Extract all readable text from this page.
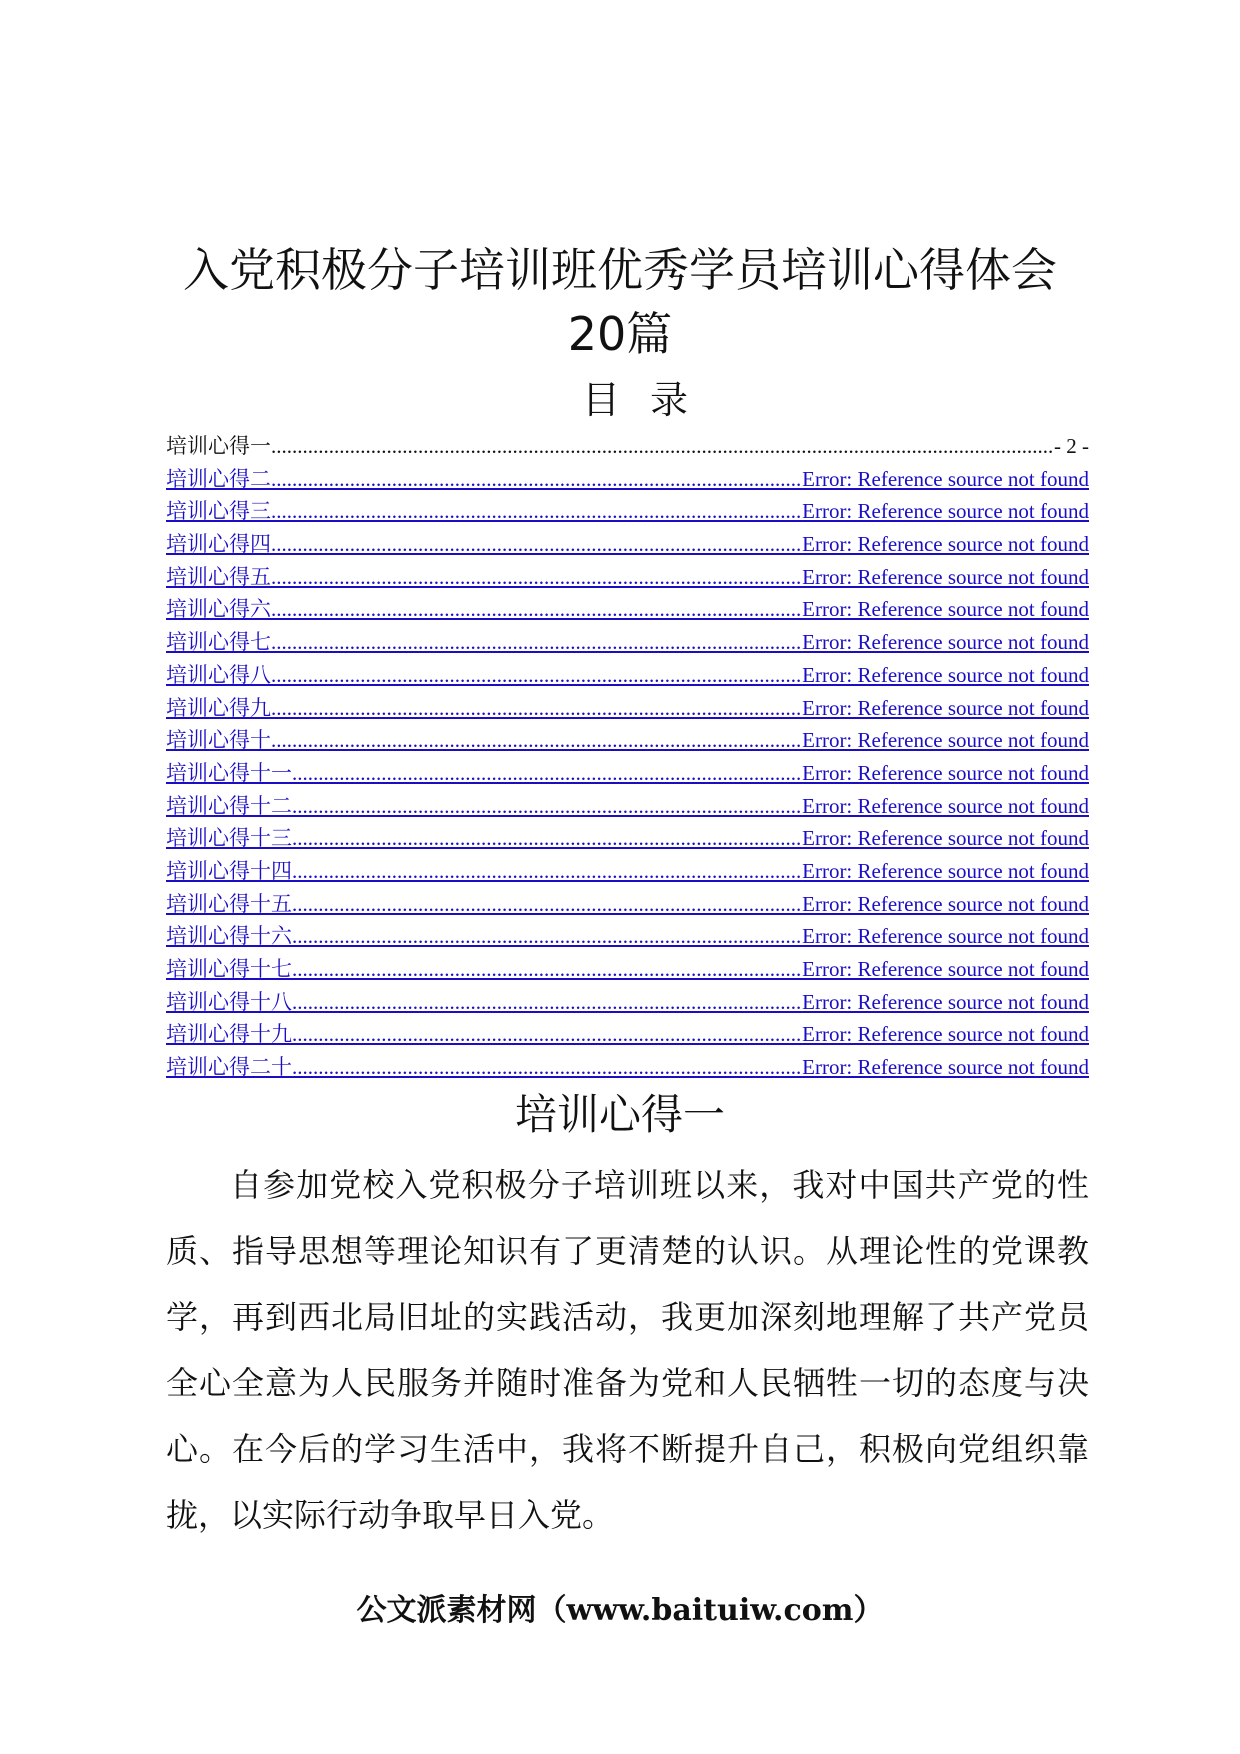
入党积极分子培训班优秀学员培训心得体会
20篇
目录
培训心得一 .....	- 2 -
培训心得二 .....	Error: Reference source not found
培训心得三 .....	Error: Reference source not found
培训心得四 .....	Error: Reference source not found
培训心得五 .....	Error: Reference source not found
培训心得六 .....	Error: Reference source not found
培训心得七 .....	Error: Reference source not found
培训心得八 .....	Error: Reference source not found
培训心得九 .....	Error: Reference source not found
培训心得十 .....	Error: Reference source not found
培训心得十一 .....	Error: Reference source not found
培训心得十二 .....	Error: Reference source not found
培训心得十三 .....	Error: Reference source not found
培训心得十四 .....	Error: Reference source not found
培训心得十五 .....	Error: Reference source not found
培训心得十六 .....	Error: Reference source not found
培训心得十七 .....	Error: Reference source not found
培训心得十八 .....	Error: Reference source not found
培训心得十九 .....	Error: Reference source not found
培训心得二十 .....	Error: Reference source not found
培训心得一

自参加党校入党积极分子培训班以来，我对中国共产党的性质、指导思想等理论知识有了更清楚的认识。从理论性的党课教学，再到西北局旧址的实践活动，我更加深刻地理解了共产党员全心全意为人民服务并随时准备为党和人民牺牲一切的态度与决心。在今后的学习生活中，我将不断提升自己，积极向党组织靠拢，以实际行动争取早日入党。

公文派素材网（www.baituiw.com）
